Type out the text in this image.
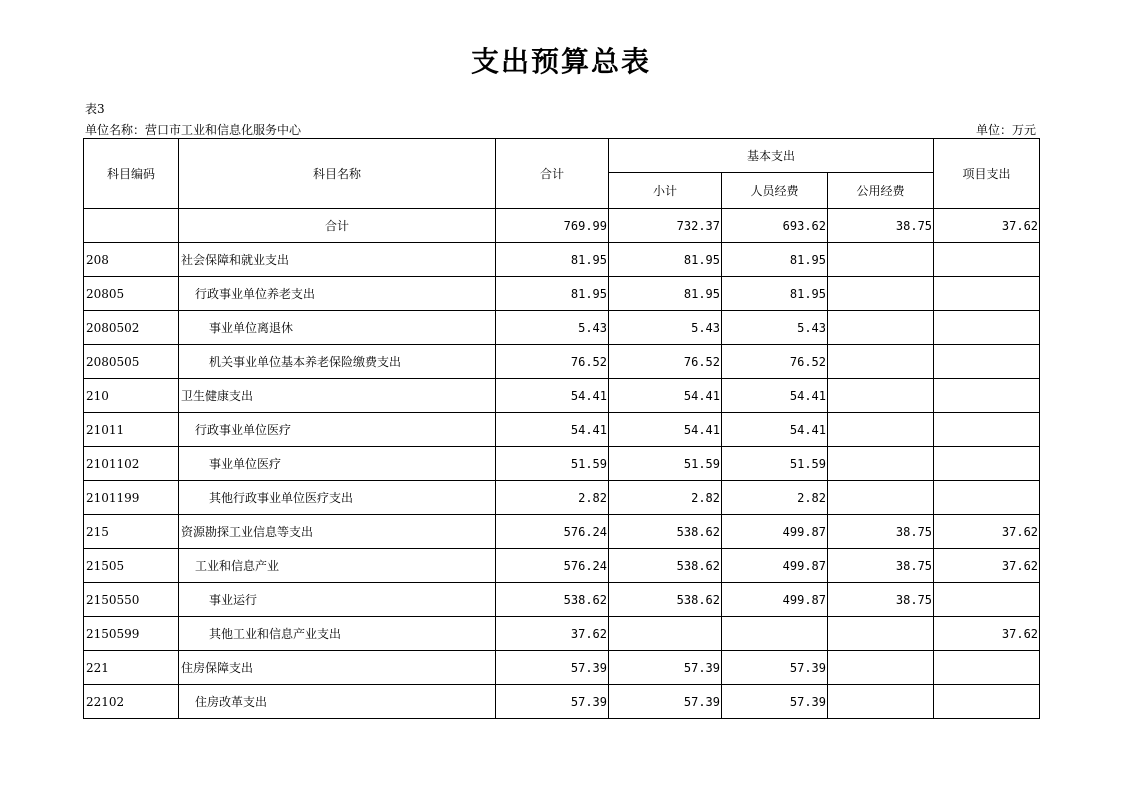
支出预算总表
表3
单位名称：营口市工业和信息化服务中心	单位：万元
科目编码	科目名称	合计	基本支出			项目支出
			小计	人员经费	公用经费	
	合计	769.99	732.37	693.62	38.75	37.62
208	社会保障和就业支出	81.95	81.95	81.95		
20805	行政事业单位养老支出	81.95	81.95	81.95		
2080502	事业单位离退休	5.43	5.43	5.43		
2080505	机关事业单位基本养老保险缴费支出	76.52	76.52	76.52		
210	卫生健康支出	54.41	54.41	54.41		
21011	行政事业单位医疗	54.41	54.41	54.41		
2101102	事业单位医疗	51.59	51.59	51.59		
2101199	其他行政事业单位医疗支出	2.82	2.82	2.82		
215	资源勘探工业信息等支出	576.24	538.62	499.87	38.75	37.62
21505	工业和信息产业	576.24	538.62	499.87	38.75	37.62
2150550	事业运行	538.62	538.62	499.87	38.75	
2150599	其他工业和信息产业支出	37.62				37.62
221	住房保障支出	57.39	57.39	57.39		
22102	住房改革支出	57.39	57.39	57.39		
